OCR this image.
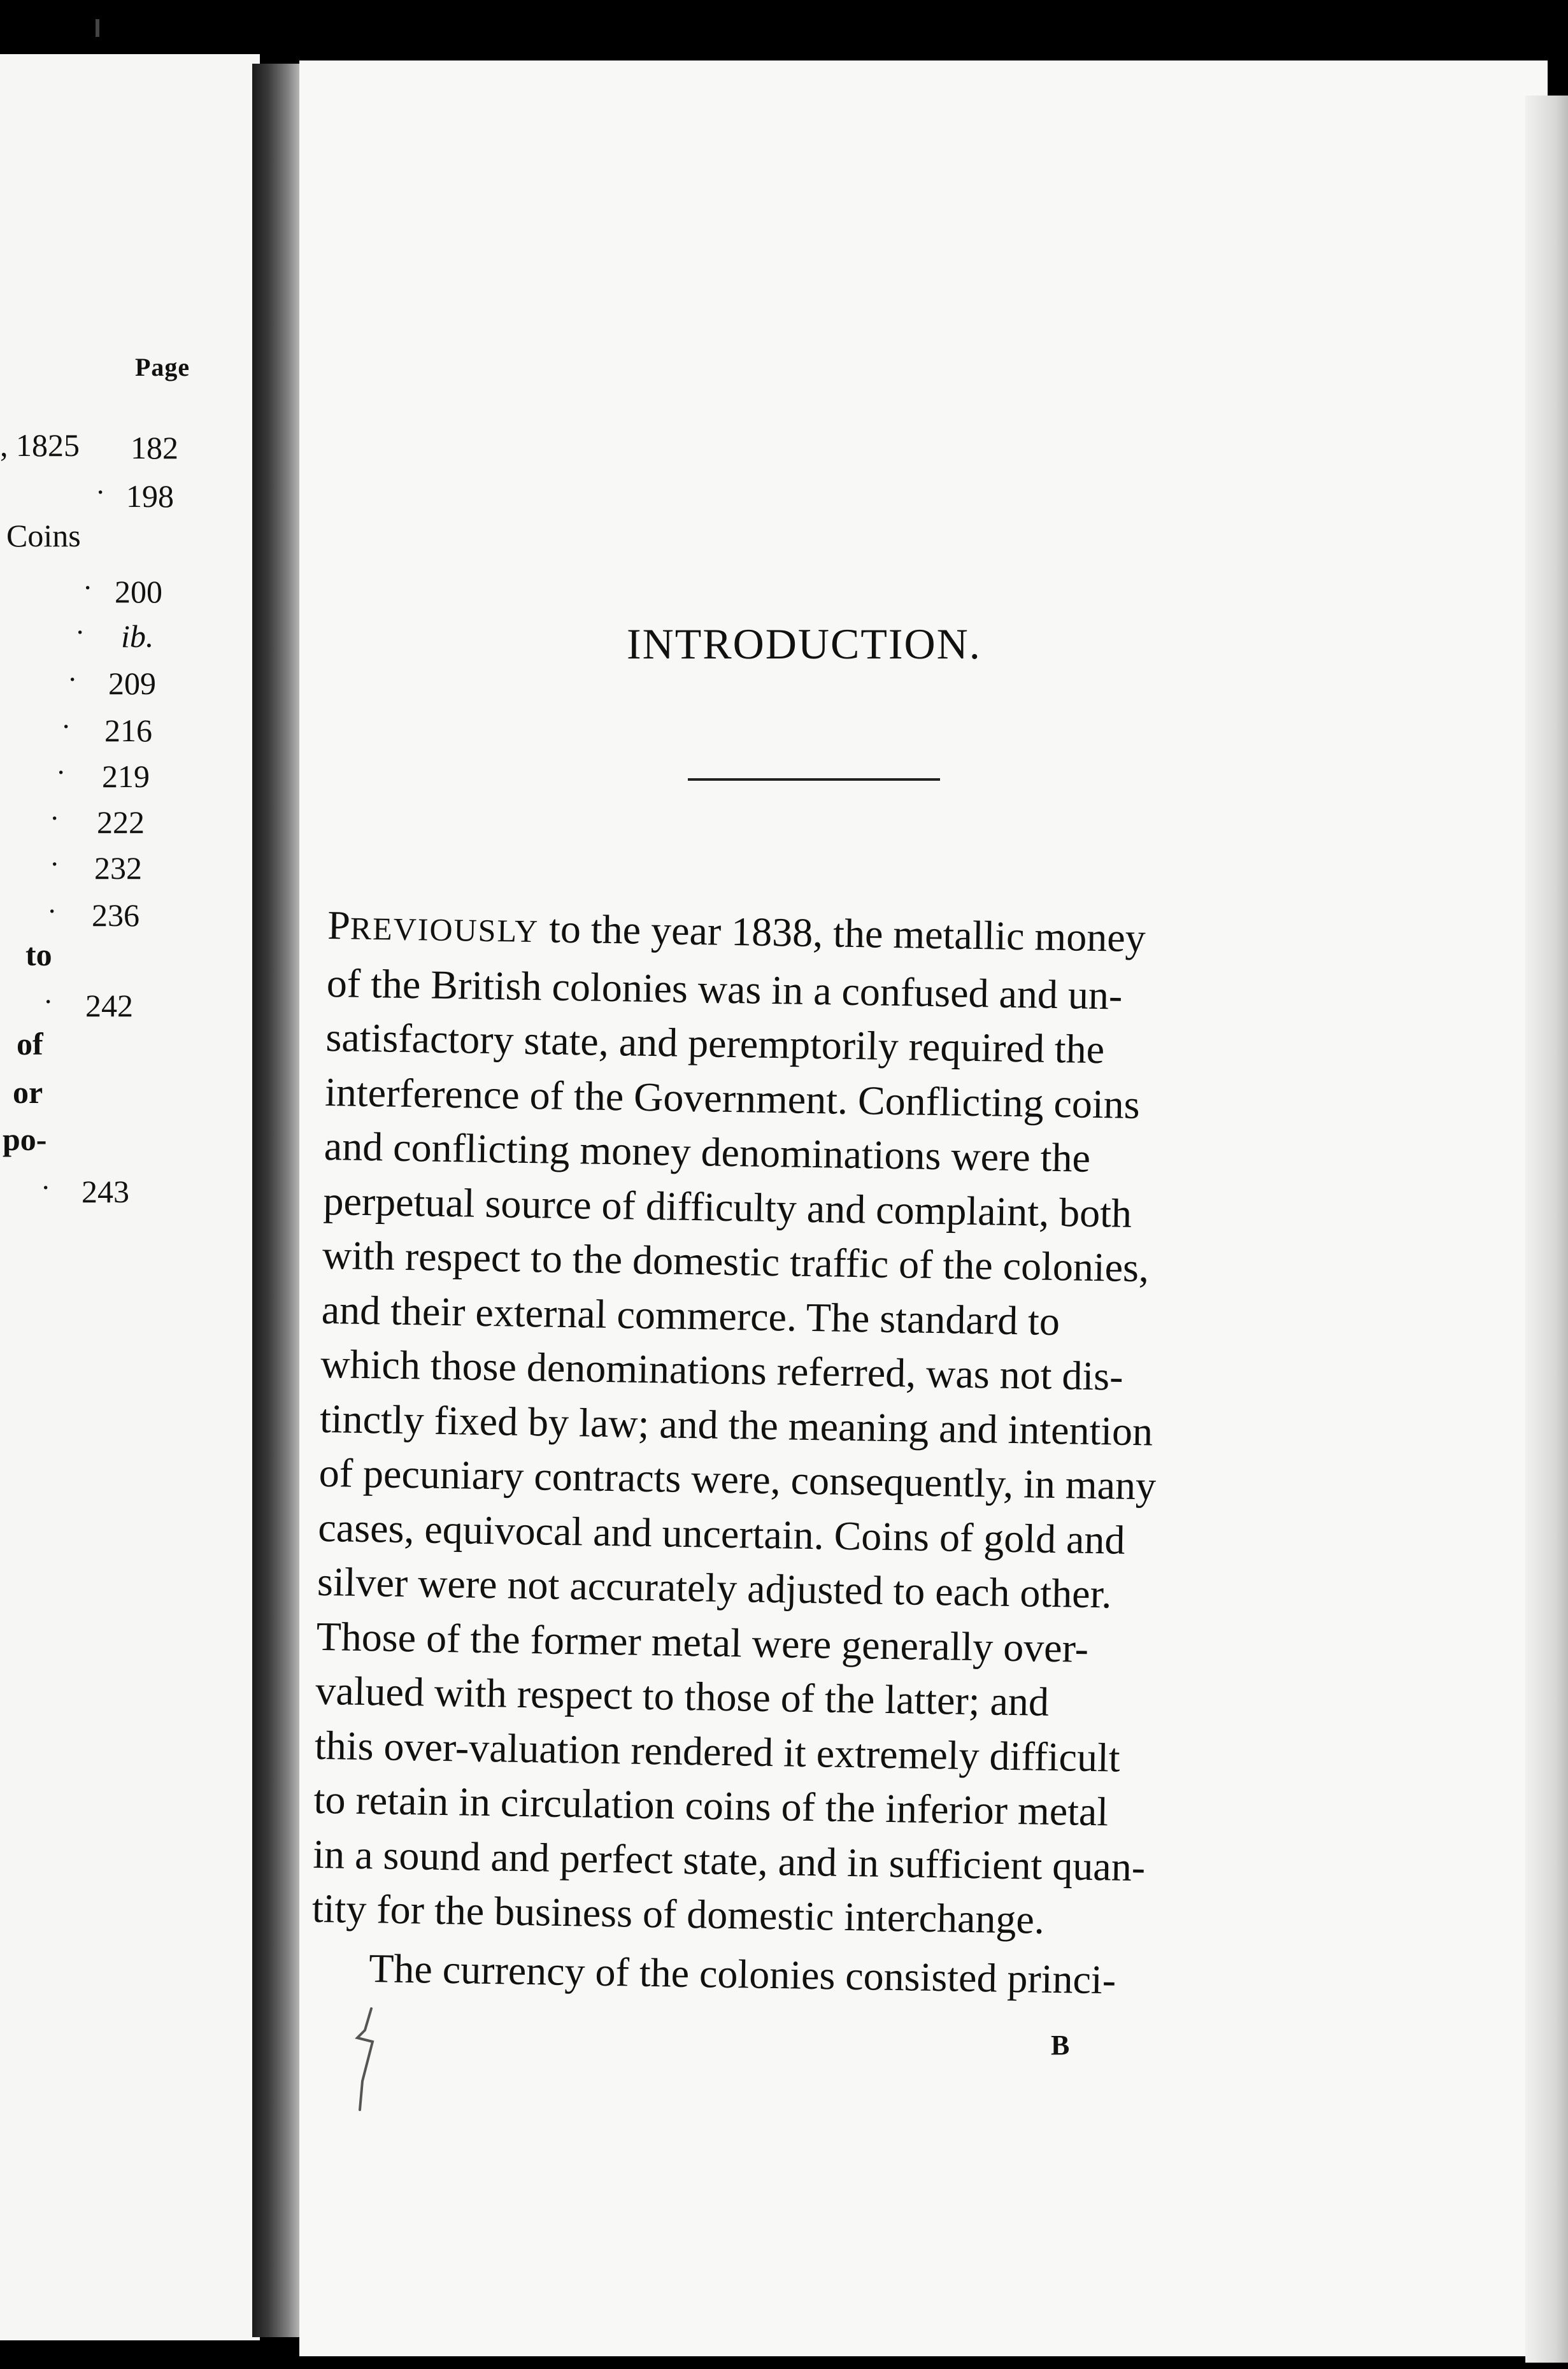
Page
, 1825 182
· 198
Coins
· 200
· ib.
· 209
· 216
· 219
· 222
· 232
· 236
to
· 242
of
or
po-
· 243
INTRODUCTION.
PREVIOUSLY to the year 1838, the metallic money
of the British colonies was in a confused and un-
satisfactory state, and peremptorily required the
interference of the Government. Conflicting coins
and conflicting money denominations were the
perpetual source of difficulty and complaint, both
with respect to the domestic traffic of the colonies,
and their external commerce. The standard to
which those denominations referred, was not dis-
tinctly fixed by law; and the meaning and intention
of pecuniary contracts were, consequently, in many
cases, equivocal and uncertain. Coins of gold and
silver were not accurately adjusted to each other.
Those of the former metal were generally over-
valued with respect to those of the latter; and
this over-valuation rendered it extremely difficult
to retain in circulation coins of the inferior metal
in a sound and perfect state, and in sufficient quan-
tity for the business of domestic interchange.
The currency of the colonies consisted princi-
B
